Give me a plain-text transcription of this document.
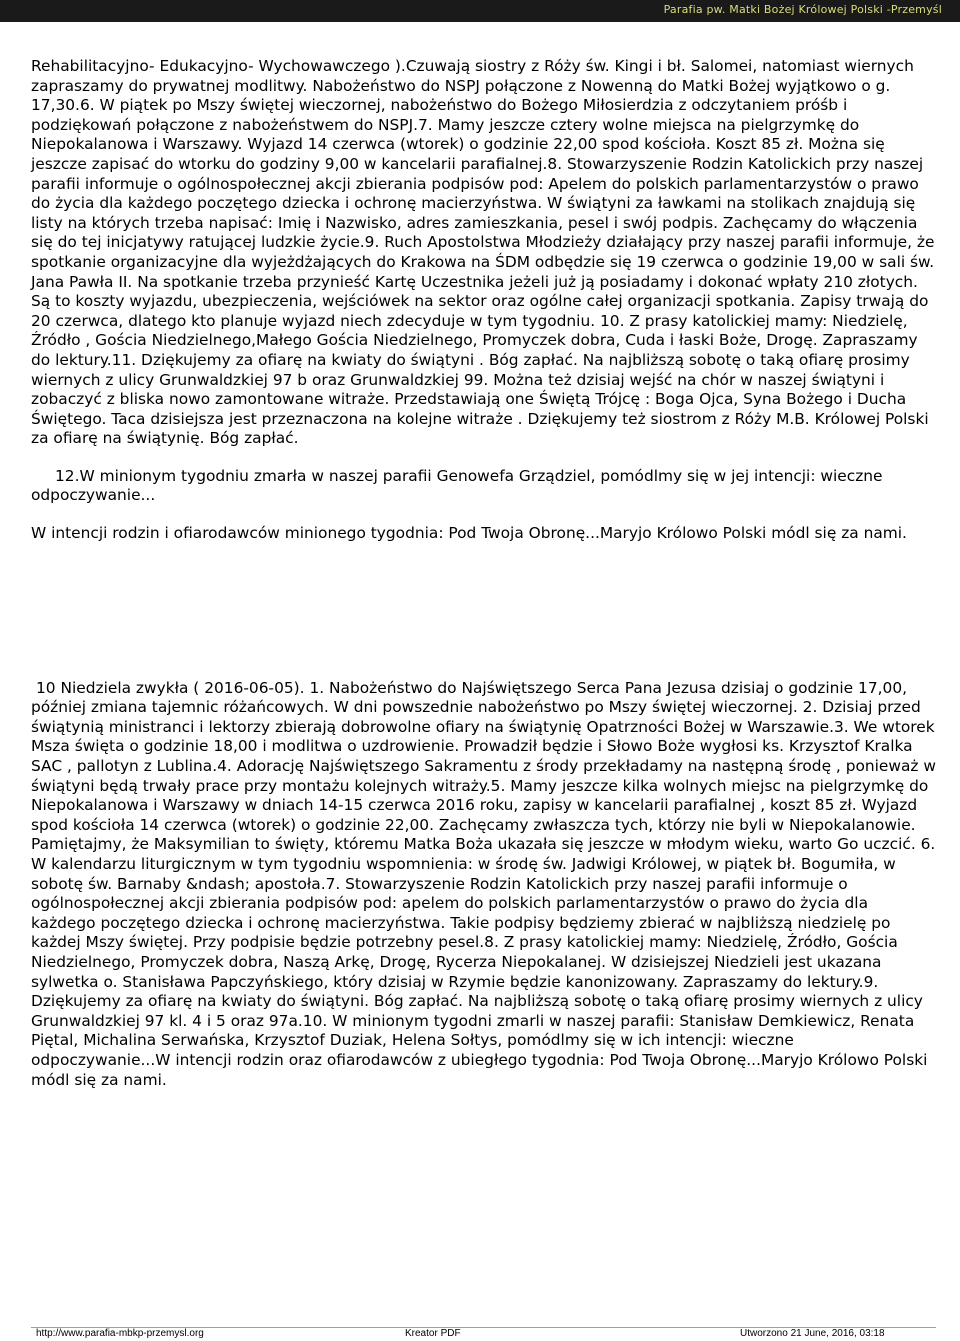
Parafia pw. Matki Bożej Królowej Polski -Przemyśl

Rehabilitacyjno- Edukacyjno- Wychowawczego ).Czuwają siostry z Róży św. Kingi i bł. Salomei, natomiast wiernych zapraszamy do prywatnej modlitwy. Nabożeństwo do NSPJ połączone z Nowenną do Matki Bożej wyjątkowo o g. 17,30.6. W piątek po Mszy świętej wieczornej, nabożeństwo do Bożego Miłosierdzia z odczytaniem próśb i podziękowań połączone z nabożeństwem do NSPJ.7. Mamy jeszcze cztery wolne miejsca na pielgrzymkę do Niepokalanowa i Warszawy. Wyjazd 14 czerwca (wtorek) o godzinie 22,00 spod kościoła. Koszt 85 zł. Można się jeszcze zapisać do wtorku do godziny 9,00 w kancelarii parafialnej.8. Stowarzyszenie Rodzin Katolickich przy naszej parafii informuje o ogólnospołecznej akcji zbierania podpisów pod: Apelem do polskich parlamentarzystów o prawo do życia dla każdego poczętego dziecka i ochronę macierzyństwa. W świątyni za ławkami na stolikach znajdują się listy na których trzeba napisać: Imię i Nazwisko, adres zamieszkania, pesel i swój podpis. Zachęcamy do włączenia się do tej inicjatywy ratującej ludzkie życie.9. Ruch Apostolstwa Młodzieży działający przy naszej parafii informuje, że spotkanie organizacyjne dla wyjeżdżających do Krakowa na ŚDM odbędzie się 19 czerwca o godzinie 19,00 w sali św. Jana Pawła II. Na spotkanie trzeba przynieść Kartę Uczestnika jeżeli już ją posiadamy i dokonać wpłaty 210 złotych. Są to koszty wyjazdu, ubezpieczenia, wejściówek na sektor oraz ogólne całej organizacji spotkania. Zapisy trwają do 20 czerwca, dlatego kto planuje wyjazd niech zdecyduje w tym tygodniu. 10. Z prasy katolickiej mamy: Niedzielę, Źródło , Gościa Niedzielnego,Małego Gościa Niedzielnego, Promyczek dobra, Cuda i łaski Boże, Drogę. Zapraszamy do lektury.11. Dziękujemy za ofiarę na kwiaty do świątyni . Bóg zapłać. Na najbliższą sobotę o taką ofiarę prosimy wiernych z ulicy Grunwaldzkiej 97 b oraz Grunwaldzkiej 99. Można też dzisiaj wejść na chór w naszej świątyni i zobaczyć z bliska nowo zamontowane witraże. Przedstawiają one Świętą Trójcę : Boga Ojca, Syna Bożego i Ducha Świętego. Taca dzisiejsza jest przeznaczona na kolejne witraże . Dziękujemy też siostrom z Róży M.B. Królowej Polski za ofiarę na świątynię. Bóg zapłać.

12.W minionym tygodniu zmarła w naszej parafii Genowefa Grządziel, pomódlmy się w jej intencji: wieczne odpoczywanie...

W intencji rodzin i ofiarodawców minionego tygodnia: Pod Twoja Obronę...Maryjo Królowo Polski módl się za nami.

10 Niedziela zwykła ( 2016-06-05). 1. Nabożeństwo do Najświętszego Serca Pana Jezusa dzisiaj o godzinie 17,00, później zmiana tajemnic różańcowych. W dni powszednie nabożeństwo po Mszy świętej wieczornej. 2. Dzisiaj przed świątynią ministranci i lektorzy zbierają dobrowolne ofiary na świątynię Opatrzności Bożej w Warszawie.3. We wtorek Msza święta o godzinie 18,00 i modlitwa o uzdrowienie. Prowadził będzie i Słowo Boże wygłosi ks. Krzysztof Kralka SAC , pallotyn z Lublina.4. Adorację Najświętszego Sakramentu z środy przekładamy na następną środę , ponieważ w świątyni będą trwały prace przy montażu kolejnych witraży.5. Mamy jeszcze kilka wolnych miejsc na pielgrzymkę do Niepokalanowa i Warszawy w dniach 14-15 czerwca 2016 roku, zapisy w kancelarii parafialnej , koszt 85 zł. Wyjazd spod kościoła 14 czerwca (wtorek) o godzinie 22,00. Zachęcamy zwłaszcza tych, którzy nie byli w Niepokalanowie. Pamiętajmy, że Maksymilian to święty, któremu Matka Boża ukazała się jeszcze w młodym wieku, warto Go uczcić. 6. W kalendarzu liturgicznym w tym tygodniu wspomnienia: w środę św. Jadwigi Królowej, w piątek bł. Bogumiła, w sobotę św. Barnaby &ndash; apostoła.7. Stowarzyszenie Rodzin Katolickich przy naszej parafii informuje o ogólnospołecznej akcji zbierania podpisów pod: apelem do polskich parlamentarzystów o prawo do życia dla każdego poczętego dziecka i ochronę macierzyństwa. Takie podpisy będziemy zbierać w najbliższą niedzielę po każdej Mszy świętej. Przy podpisie będzie potrzebny pesel.8. Z prasy katolickiej mamy: Niedzielę, Źródło, Gościa Niedzielnego, Promyczek dobra, Naszą Arkę, Drogę, Rycerza Niepokalanej. W dzisiejszej Niedzieli jest ukazana sylwetka o. Stanisława Papczyńskiego, który dzisiaj w Rzymie będzie kanonizowany. Zapraszamy do lektury.9. Dziękujemy za ofiarę na kwiaty do świątyni. Bóg zapłać. Na najbliższą sobotę o taką ofiarę prosimy wiernych z ulicy Grunwaldzkiej 97 kl. 4 i 5 oraz 97a.10. W minionym tygodni zmarli w naszej parafii: Stanisław Demkiewicz, Renata Piętal, Michalina Serwańska, Krzysztof Duziak, Helena Sołtys, pomódlmy się w ich intencji: wieczne odpoczywanie...W intencji rodzin oraz ofiarodawców z ubiegłego tygodnia: Pod Twoja Obronę...Maryjo Królowo Polski módl się za nami.

http://www.parafia-mbkp-przemysl.org	Kreator PDF	Utworzono 21 June, 2016, 03:18
